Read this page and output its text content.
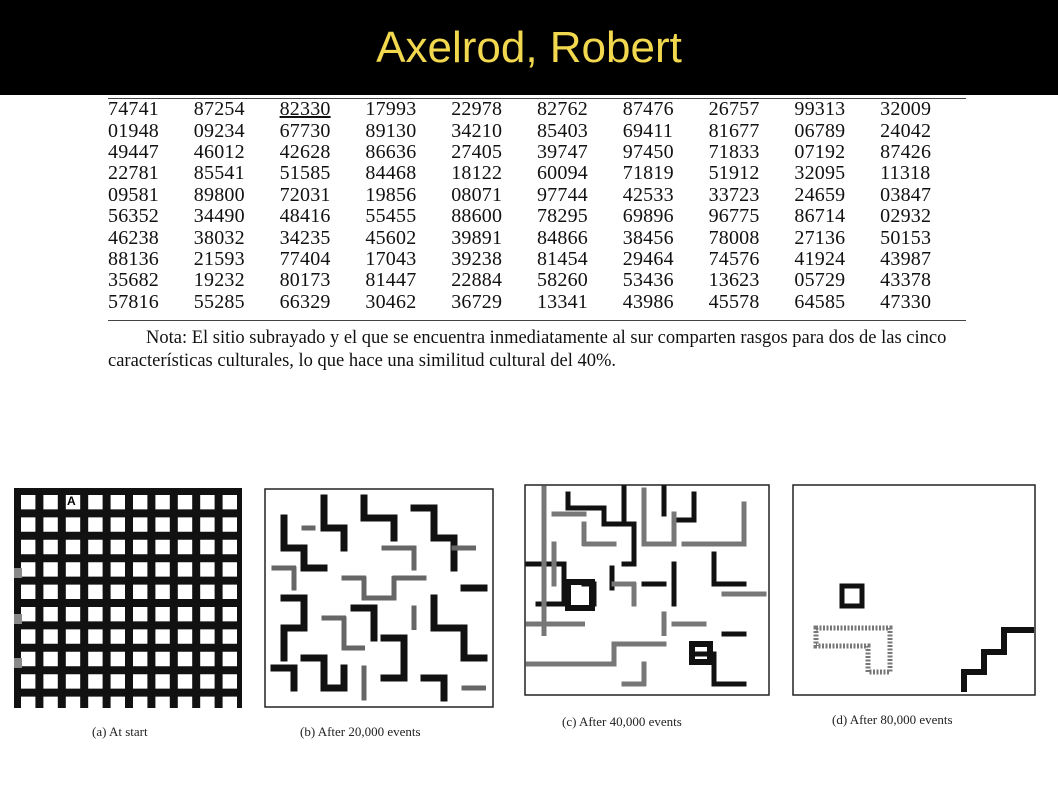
Axelrod, Robert
74741	87254	82330	17993	22978	82762	87476	26757	99313	32009
01948	09234	67730	89130	34210	85403	69411	81677	06789	24042
49447	46012	42628	86636	27405	39747	97450	71833	07192	87426
22781	85541	51585	84468	18122	60094	71819	51912	32095	11318
09581	89800	72031	19856	08071	97744	42533	33723	24659	03847
56352	34490	48416	55455	88600	78295	69896	96775	86714	02932
46238	38032	34235	45602	39891	84866	38456	78008	27136	50153
88136	21593	77404	17043	39238	81454	29464	74576	41924	43987
35682	19232	80173	81447	22884	58260	53436	13623	05729	43378
57816	55285	66329	30462	36729	13341	43986	45578	64585	47330
Nota: El sitio subrayado y el que se encuentra inmediatamente al sur comparten rasgos para dos de las cinco características culturales, lo que hace una similitud cultural del 40%.
A
(a) At start	(b) After 20,000 events
(c) After 40,000 events	(d) After 80,000 events
